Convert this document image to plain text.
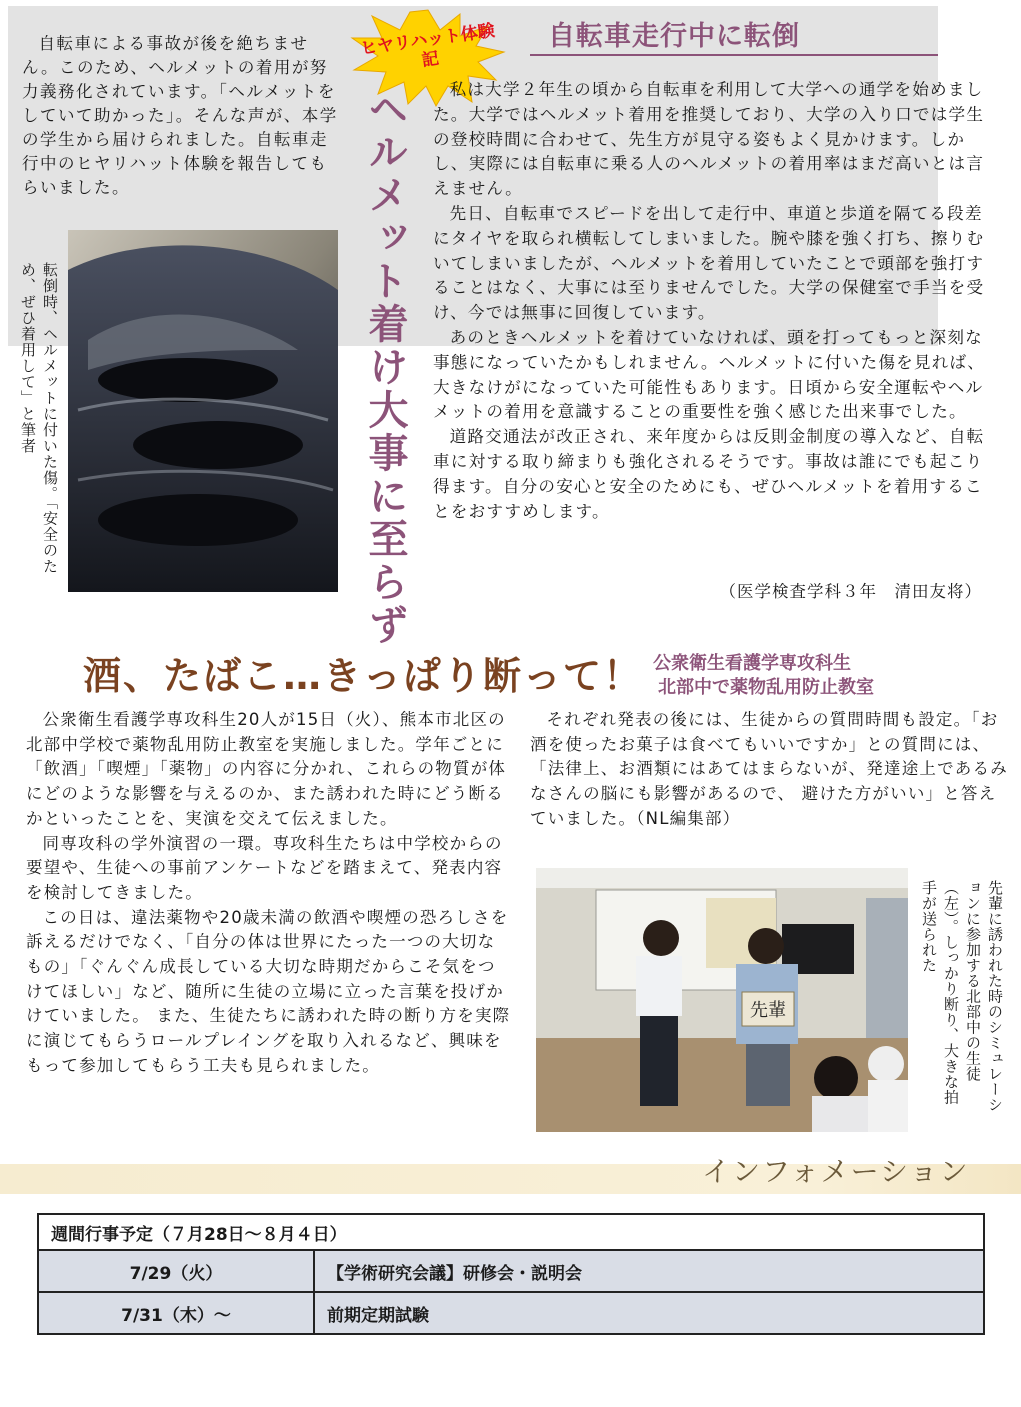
自転車による事故が後を絶ちません。このため、ヘルメットの着用が努力義務化されています。「ヘルメットをしていて助かった」。そんな声が、本学の学生から届けられました。自転車走行中のヒヤリハット体験を報告してもらいました。

ヒヤリハット体験記
自転車走行中に転倒
ヘルメット着け大事に至らず	私は大学２年生の頃から自転車を利用して大学への通学を始めました。大学ではヘルメット着用を推奨しており、大学の入り口では学生の登校時間に合わせて、先生方が見守る姿もよく見かけます。しかし、実際には自転車に乗る人のヘルメットの着用率はまだ高いとは言えません。

先日、自転車でスピードを出して走行中、車道と歩道を隔てる段差にタイヤを取られ横転してしまいました。腕や膝を強く打ち、擦りむいてしまいましたが、ヘルメットを着用していたことで頭部を強打することはなく、大事には至りませんでした。大学の保健室で手当を受け、今では無事に回復しています。

あのときヘルメットを着けていなければ、頭を打ってもっと深刻な事態になっていたかもしれません。ヘルメットに付いた傷を見れば、大きなけがになっていた可能性もあります。日頃から安全運転やヘルメットの着用を意識することの重要性を強く感じた出来事でした。

道路交通法が改正され、来年度からは反則金制度の導入など、自転車に対する取り締まりも強化されるそうです。事故は誰にでも起こり得ます。自分の安心と安全のためにも、ぜひヘルメットを着用することをおすすめします。

（医学検査学科３年　清田友将）
転倒時、ヘルメットに付いた傷。「安全のため、ぜひ着用して」と筆者
酒、たばこ…きっぱり断って！ 公衆衛生看護学専攻科生
北部中で薬物乱用防止教室

公衆衛生看護学専攻科生20人が15日（火）、熊本市北区の北部中学校で薬物乱用防止教室を実施しました。学年ごとに「飲酒」「喫煙」「薬物」の内容に分かれ、これらの物質が体にどのような影響を与えるのか、また誘われた時にどう断るかといったことを、実演を交えて伝えました。

同専攻科の学外演習の一環。専攻科生たちは中学校からの要望や、生徒への事前アンケートなどを踏まえて、発表内容を検討してきました。

この日は、違法薬物や20歳未満の飲酒や喫煙の恐ろしさを訴えるだけでなく、「自分の体は世界にたった一つの大切なもの」「ぐんぐん成長している大切な時期だからこそ気をつけてほしい」など、随所に生徒の立場に立った言葉を投げかけていました。 また、生徒たちに誘われた時の断り方を実際に演じてもらうロールプレイングを取り入れるなど、興味をもって参加してもらう工夫も見られました。

それぞれ発表の後には、生徒からの質問時間も設定。「お酒を使ったお菓子は食べてもいいですか」との質問には、「法律上、お酒類にはあてはまらないが、発達途上であるみなさんの脳にも影響があるので、 避けた方がいい」と答えていました。（NL編集部）

先輩	先輩に誘われた時のシミュレーションに参加する北部中の生徒（左）。しっかり断り、大きな拍手が送られた
インフォメーション
週間行事予定（７月28日～８月４日）	
7/29（火）	【学術研究会議】研修会・説明会
7/31（木）～	前期定期試験
